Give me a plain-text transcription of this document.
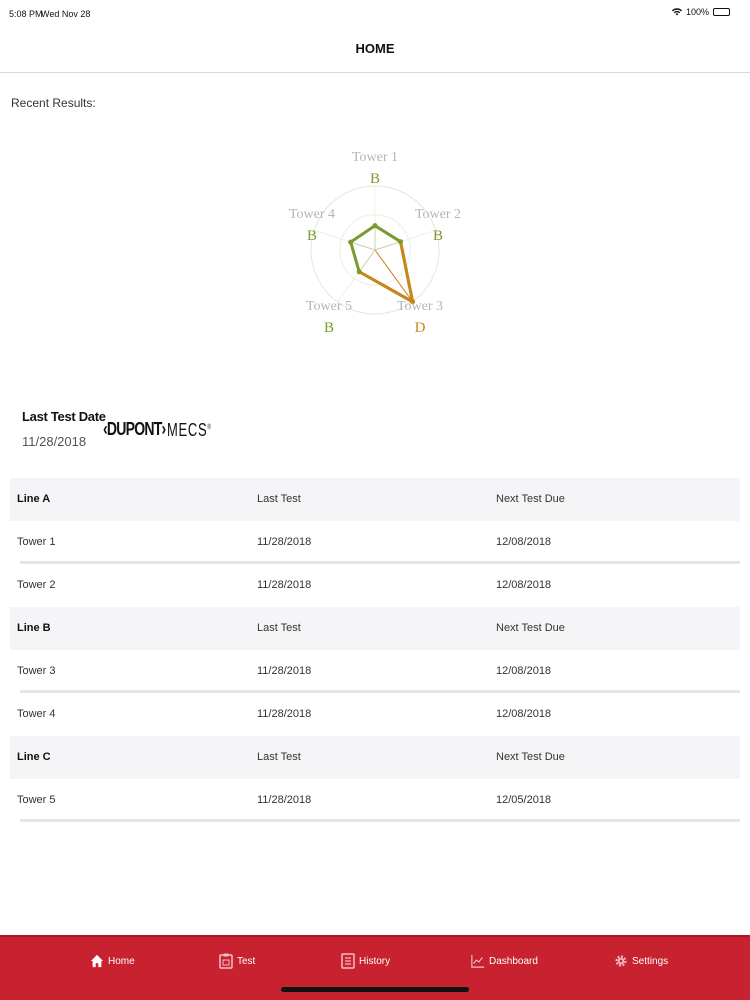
5:08 PM
Wed Nov 28	100%
HOME
Recent Results:
Tower 1
B
Tower 2
B
Tower 3
D
Tower 5
B
Tower 4
B
Last Test Date
11/28/2018
‹DUPONT› MECS®
Line A	Last Test	Next Test Due
Tower 1	11/28/2018	12/08/2018
Tower 2	11/28/2018	12/08/2018
Line B	Last Test	Next Test Due
Tower 3	11/28/2018	12/08/2018
Tower 4	11/28/2018	12/08/2018
Line C	Last Test	Next Test Due
Tower 5	11/28/2018	12/05/2018
Home	Test	History	Dashboard	Settings
